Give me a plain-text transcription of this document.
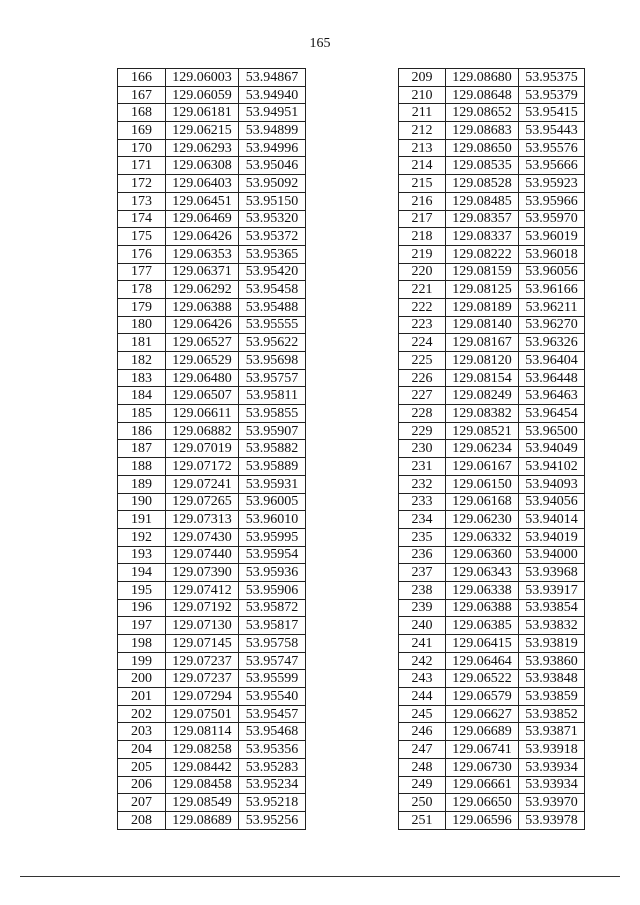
165
166	129.06003	53.94867
167	129.06059	53.94940
168	129.06181	53.94951
169	129.06215	53.94899
170	129.06293	53.94996
171	129.06308	53.95046
172	129.06403	53.95092
173	129.06451	53.95150
174	129.06469	53.95320
175	129.06426	53.95372
176	129.06353	53.95365
177	129.06371	53.95420
178	129.06292	53.95458
179	129.06388	53.95488
180	129.06426	53.95555
181	129.06527	53.95622
182	129.06529	53.95698
183	129.06480	53.95757
184	129.06507	53.95811
185	129.06611	53.95855
186	129.06882	53.95907
187	129.07019	53.95882
188	129.07172	53.95889
189	129.07241	53.95931
190	129.07265	53.96005
191	129.07313	53.96010
192	129.07430	53.95995
193	129.07440	53.95954
194	129.07390	53.95936
195	129.07412	53.95906
196	129.07192	53.95872
197	129.07130	53.95817
198	129.07145	53.95758
199	129.07237	53.95747
200	129.07237	53.95599
201	129.07294	53.95540
202	129.07501	53.95457
203	129.08114	53.95468
204	129.08258	53.95356
205	129.08442	53.95283
206	129.08458	53.95234
207	129.08549	53.95218
208	129.08689	53.95256
209	129.08680	53.95375
210	129.08648	53.95379
211	129.08652	53.95415
212	129.08683	53.95443
213	129.08650	53.95576
214	129.08535	53.95666
215	129.08528	53.95923
216	129.08485	53.95966
217	129.08357	53.95970
218	129.08337	53.96019
219	129.08222	53.96018
220	129.08159	53.96056
221	129.08125	53.96166
222	129.08189	53.96211
223	129.08140	53.96270
224	129.08167	53.96326
225	129.08120	53.96404
226	129.08154	53.96448
227	129.08249	53.96463
228	129.08382	53.96454
229	129.08521	53.96500
230	129.06234	53.94049
231	129.06167	53.94102
232	129.06150	53.94093
233	129.06168	53.94056
234	129.06230	53.94014
235	129.06332	53.94019
236	129.06360	53.94000
237	129.06343	53.93968
238	129.06338	53.93917
239	129.06388	53.93854
240	129.06385	53.93832
241	129.06415	53.93819
242	129.06464	53.93860
243	129.06522	53.93848
244	129.06579	53.93859
245	129.06627	53.93852
246	129.06689	53.93871
247	129.06741	53.93918
248	129.06730	53.93934
249	129.06661	53.93934
250	129.06650	53.93970
251	129.06596	53.93978
